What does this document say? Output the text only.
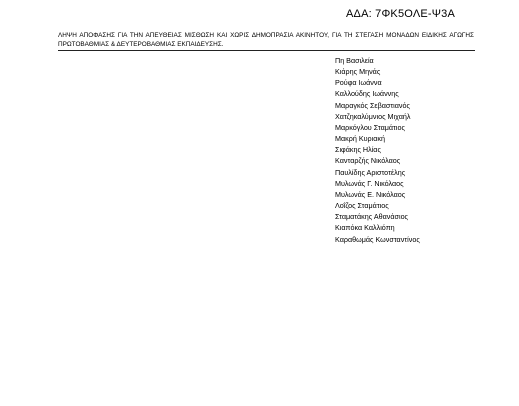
ΑΔΑ: 7ΦΚ5ΟΛΕ-Ψ3Α
ΛΗΨΗ ΑΠΟΦΑΣΗΣ ΓΙΑ ΤΗΝ ΑΠΕΥΘΕΙΑΣ ΜΙΣΘΩΣΗ ΚΑΙ ΧΩΡΙΣ ΔΗΜΟΠΡΑΣΙΑ ΑΚΙΝΗΤΟΥ, ΓΙΑ ΤΗ ΣΤΕΓΑΣΗ ΜΟΝΑΔΩΝ ΕΙΔΙΚΗΣ ΑΓΩΓΗΣ ΠΡΩΤΟΒΑΘΜΙΑΣ & ΔΕΥΤΕΡΟΒΑΘΜΙΑΣ ΕΚΠΑΙΔΕΥΣΗΣ.
Πη Βασιλεία
Κιάρης Μηνάς
Ρούφα Ιωάννα
Καλλούδης Ιωάννης
Μαραγκός Σεβαστιανός
Χατζηκαλύμνιος Μιχαήλ
Μαρκόγλου Σταμάτιος
Μακρή Κυριακή
Σιφάκης Ηλίας
Κανταρζής Νικόλαος
Παυλίδης Αριστοτέλης
Μυλωνάς Γ. Νικόλαος
Μυλωνάς Ε. Νικόλαος
Λοΐζος Σταμάτιος
Σταματάκης Αθανάσιος
Κιαπόκα Καλλιόπη
Καραθωμάς Κωνσταντίνος
